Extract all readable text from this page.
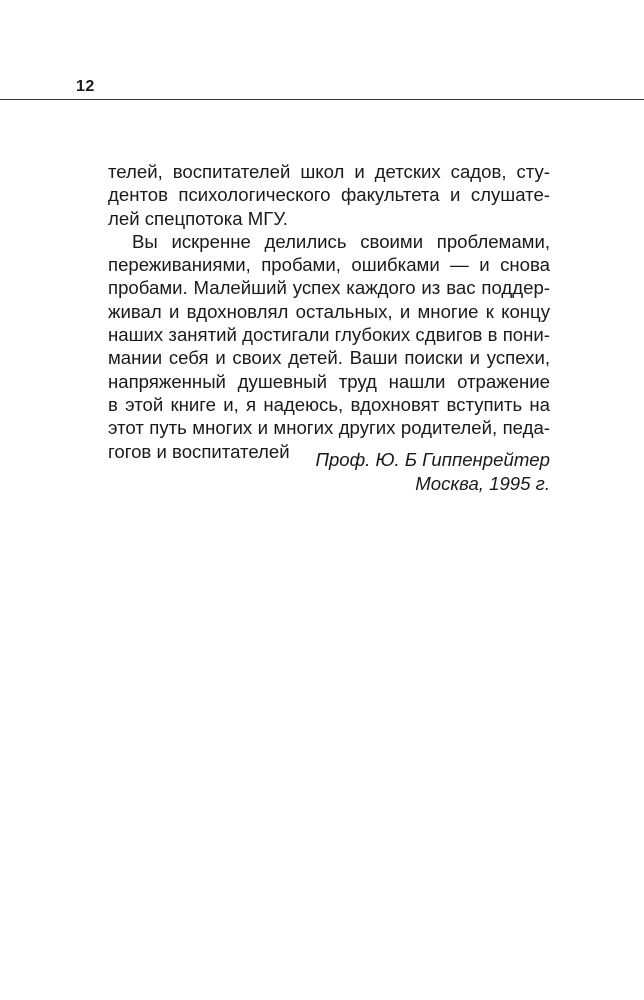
12
телей, воспитателей школ и детских садов, сту-
дентов психологического факультета и слушате-
лей спецпотока МГУ.
Вы искренне делились своими проблемами,
переживаниями, пробами, ошибками — и снова
пробами. Малейший успех каждого из вас поддер-
живал и вдохновлял остальных, и многие к концу
наших занятий достигали глубоких сдвигов в пони-
мании себя и своих детей. Ваши поиски и успехи,
напряженный душевный труд нашли отражение
в этой книге и, я надеюсь, вдохновят вступить на
этот путь многих и многих других родителей, педа-
гогов и воспитателей	Проф. Ю. Б Гиппенрейтер
Москва, 1995 г.
